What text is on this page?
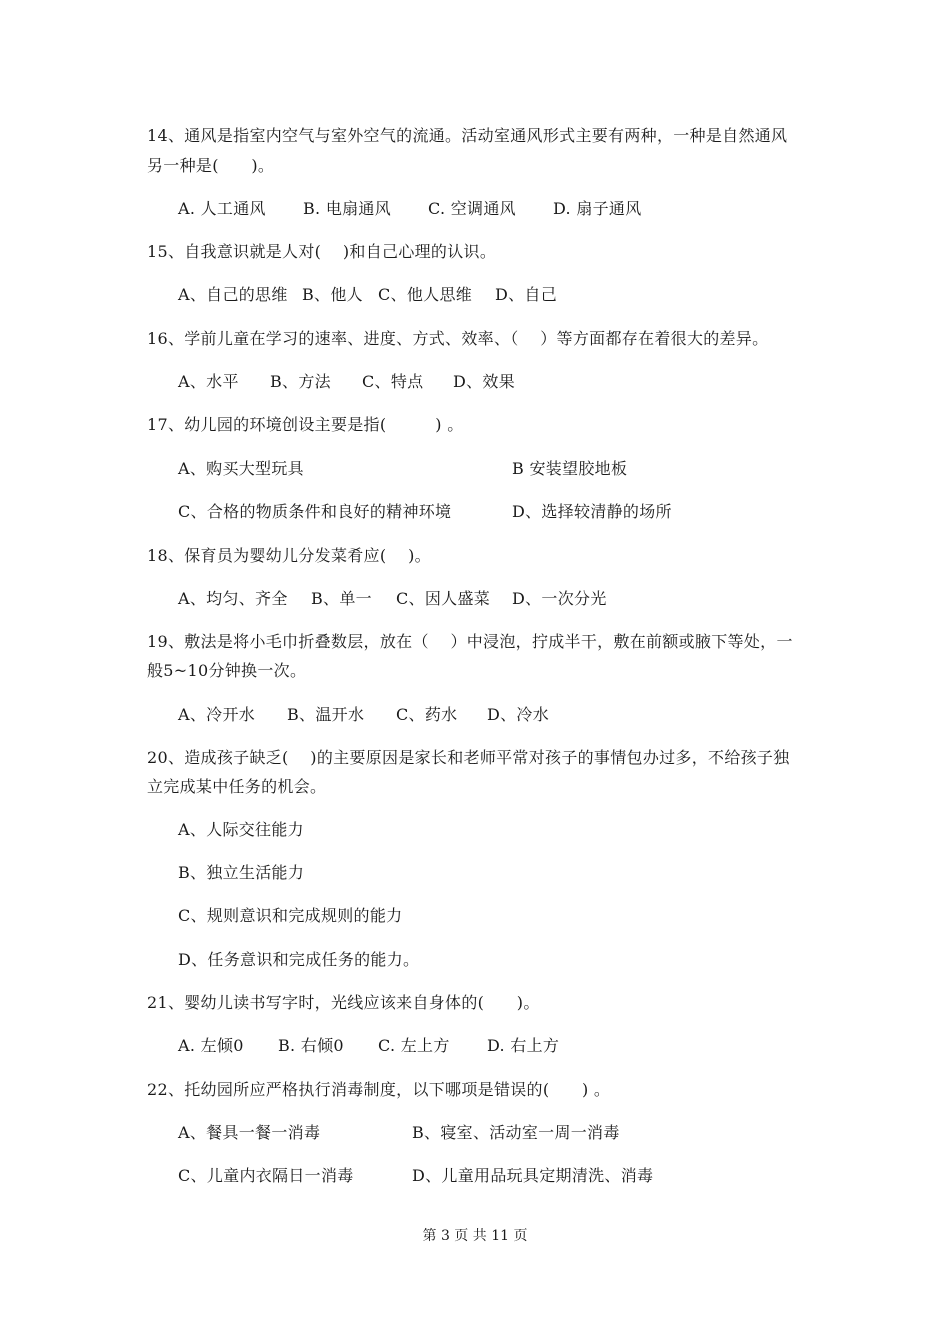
14、通风是指室内空气与室外空气的流通。活动室通风形式主要有两种，一种是自然通风
另一种是(　　)。
A. 人工通风 B. 电扇通风 C. 空调通风 D. 扇子通风
15、自我意识就是人对(　 )和自己心理的认识。
A、自己的思维 B、他人 C、他人思维 D、自己
16、学前儿童在学习的速率、进度、方式、效率、（　 ）等方面都存在着很大的差异。
A、水平 B、方法 C、特点 D、效果
17、幼儿园的环境创设主要是指(　　　) 。
A、购买大型玩具	B 安装望胶地板
C、合格的物质条件和良好的精神环境	D、选择较清静的场所
18、保育员为婴幼儿分发菜肴应(　 )。
A、均匀、齐全 B、单一 C、因人盛菜 D、一次分光
19、敷法是将小毛巾折叠数层，放在（　 ）中浸泡，拧成半干，敷在前额或腋下等处，一
般5~10分钟换一次。
A、冷开水 B、温开水 C、药水 D、冷水
20、造成孩子缺乏(　 )的主要原因是家长和老师平常对孩子的事情包办过多，不给孩子独
立完成某中任务的机会。
A、人际交往能力
B、独立生活能力
C、规则意识和完成规则的能力
D、任务意识和完成任务的能力。
21、婴幼儿读书写字时，光线应该来自身体的(　　)。
A. 左倾0 B. 右倾0 C. 左上方 D. 右上方
22、托幼园所应严格执行消毒制度，以下哪项是错误的(　　) 。
A、餐具一餐一消毒	B、寝室、活动室一周一消毒
C、儿童内衣隔日一消毒	D、儿童用品玩具定期清洗、消毒
第 3 页 共 11 页
